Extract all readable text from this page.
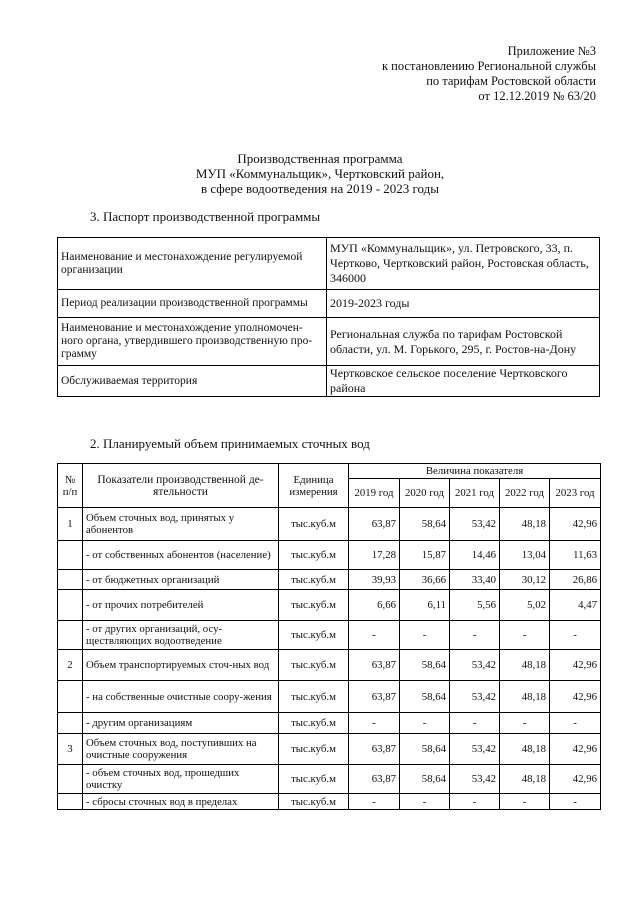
Приложение №3
к постановлению Региональной службы
по тарифам Ростовской области
от 12.12.2019 № 63/20
Производственная программа
МУП «Коммунальщик», Чертковский район,
в сфере водоотведения на 2019 - 2023 годы
3. Паспорт производственной программы
Наименование и местонахождение регулируемой организации	МУП «Коммунальщик», ул. Петровского, 33, п. Чертково, Чертковский район, Ростовская область, 346000
Период реализации производственной программы	2019-2023 годы
Наименование и местонахождение уполномочен-ного органа, утвердившего производственную про-грамму	Региональная служба по тарифам Ростовской области, ул. М. Горького, 295, г. Ростов-на-Дону
Обслуживаемая территория	Чертковское сельское поселение Чертковского района
2. Планируемый объем принимаемых сточных вод
№ п/п	Показатели производственной де-ятельности	Единица измерения	Величина показателя				
			2019 год	2020 год	2021 год	2022 год	2023 год
1	Объем сточных вод, принятых у абонентов	тыс.куб.м	63,87	58,64	53,42	48,18	42,96
	- от собственных абонентов (население)	тыс.куб.м	17,28	15,87	14,46	13,04	11,63
	- от бюджетных организаций	тыс.куб.м	39,93	36,66	33,40	30,12	26,86
	- от прочих потребителей	тыс.куб.м	6,66	6,11	5,56	5,02	4,47
	- от других организаций, осу-ществляющих водоотведение	тыс.куб.м	-	-	-	-	-
2	Объем транспортируемых сточ-ных вод	тыс.куб.м	63,87	58,64	53,42	48,18	42,96
	- на собственные очистные соору-жения	тыс.куб.м	63,87	58,64	53,42	48,18	42,96
	- другим организациям	тыс.куб.м	-	-	-	-	-
3	Объем сточных вод, поступивших на очистные сооружения	тыс.куб.м	63,87	58,64	53,42	48,18	42,96
	- объем сточных вод, прошедших очистку	тыс.куб.м	63,87	58,64	53,42	48,18	42,96
	- сбросы сточных вод в пределах	тыс.куб.м	-	-	-	-	-
